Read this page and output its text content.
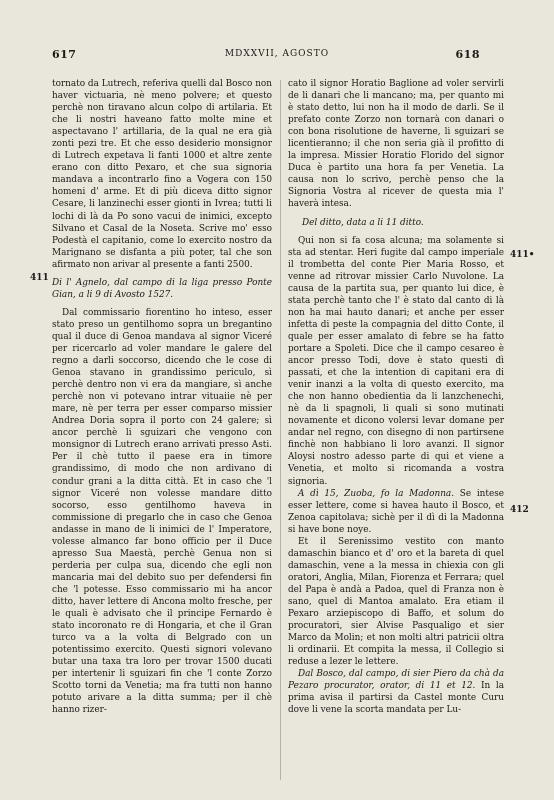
617	MDXXVII, AGOSTO	618
411
411•
412

tornato da Lutrech, referiva quelli dal Bosco non haver victuaria, nè meno polvere; et questo perchè non tiravano alcun colpo di artilaria. Et che li nostri haveano fatto molte mine et aspectavano l' artillaria, de la qual ne era già zonti pezi tre. Et che esso desiderio monsignor di Lutrech expetava li fanti 1000 et altre zente erano con ditto Pexaro, et che sua signoria mandava a incontrarlo fino a Vogera con 150 homeni d' arme. Et di più diceva ditto signor Cesare, li lanzinechi esser gionti in Ivrea; tutti li lochi di là da Po sono vacui de inimici, excepto Silvano et Casal de la Noseta. Scrive mo' esso Podestà el capitanio, come lo exercito nostro da Marignano se disfanta a più poter, tal che son afirmato non arivar al presente a fanti 2500.

Di l' Agnelo, dal campo di la liga presso Ponte Gian, a li 9 di Avosto 1527.

Dal commissario fiorentino ho inteso, esser stato preso un gentilhomo sopra un bregantino qual il duce di Genoa mandava al signor Viceré per ricercarlo ad voler mandare le galere del regno a darli soccorso, dicendo che le cose di Genoa stavano in grandissimo periculo, sì perchè dentro non vi era da mangiare, sì anche perchè non vi potevano intrar vituaiie nè per mare, nè per terra per esser comparso missier Andrea Doria sopra il porto con 24 galere; sì ancor perchè li sguizari che vengono con monsignor di Lutrech erano arrivati presso Asti. Per il chè tutto il paese era in timore grandissimo, di modo che non ardivano di condur grani a la ditta città. Et in caso che 'l signor Viceré non volesse mandare ditto socorso, esso gentilhomo haveva in commissione di pregarlo che in caso che Genoa andasse in mano de li inimici de l' Imperatore, volesse almanco far bono officio per il Duce apresso Sua Maestà, perchè Genua non si perderia per culpa sua, dicendo che egli non mancaria mai del debito suo per defendersi fin che 'l potesse. Esso commissario mi ha ancor ditto, haver lettere di Ancona molto fresche, per le quali è advisato che il principe Fernardo è stato incoronato re di Hongaria, et che il Gran turco va a la volta di Belgrado con un potentissimo exercito. Questi signori volevano butar una taxa tra loro per trovar 1500 ducati per intertenir li sguizari fin che 'l conte Zorzo Scotto torni da Venetia; ma fra tutti non hanno potuto arivare a la ditta summa; per il chè hanno rizer-

cato il signor Horatio Baglione ad voler servirli de li danari che li mancano; ma, per quanto mi è stato detto, lui non ha il modo de darli. Se il prefato conte Zorzo non tornarà con danari o con bona risolutione de haverne, li sguizari se licentieranno; il che non seria già il profitto di la impresa. Missier Horatio Florido del signor Duca è partito una hora fa per Venetia. La causa non lo scrivo, perchè penso che la Signoria Vostra al ricever de questa mia l' haverà intesa.

Del ditto, data a li 11 ditto.

Qui non si fa cosa alcuna; ma solamente si sta ad stentar. Heri fugite dal campo imperiale il trombetta del conte Pier Maria Rosso, et venne ad ritrovar missier Carlo Nuvolone. La causa de la partita sua, per quanto lui dice, è stata perchè tanto che l' è stato dal canto di là non ha mai hauto danari; et anche per esser infetta di peste la compagnia del ditto Conte, il quale per esser amalato di febre se ha fatto portare a Spoleti. Dice che il campo cesareo è ancor presso Todi, dove è stato questi dì passati, et che la intention di capitani era di venir inanzi a la volta di questo exercito, ma che non hanno obedientia da li lanzchenechi, nè da li spagnoli, li quali si sono mutinati novamente et dicono volersi levar domane per andar nel regno, con disegno di non partirsene finchè non habbiano li loro avanzi. Il signor Aloysi nostro adesso parte di qui et viene a Venetia, et molto si ricomanda a vostra signoria.

A dì 15, Zuoba, fo la Madonna. Se intese esser lettere, come si havea hauto il Bosco, et Zenoa capitolava; sichè per il dì di la Madonna si have bone noye.

Et il Serenissimo vestito con manto damaschin bianco et d' oro et la bareta di quel damaschin, vene a la messa in chiexia con gli oratori, Anglia, Milan, Fiorenza et Ferrara; quel del Papa è andà a Padoa, quel di Franza non è sano, quel di Mantoa amalato. Era etiam il Pexaro arziepiscopo di Baffo, et solum do procuratori, sier Alvise Pasqualigo et sier Marco da Molin; et non molti altri patricii oltra li ordinarii. Et compita la messa, il Collegio si reduse a lezer le lettere.

Dal Bosco, dal campo, di sier Piero da chà da Pezaro procurator, orator, di 11 et 12. In la prima avisa il partirsi da Castel monte Curu dove li vene la scorta mandata per Lu-
